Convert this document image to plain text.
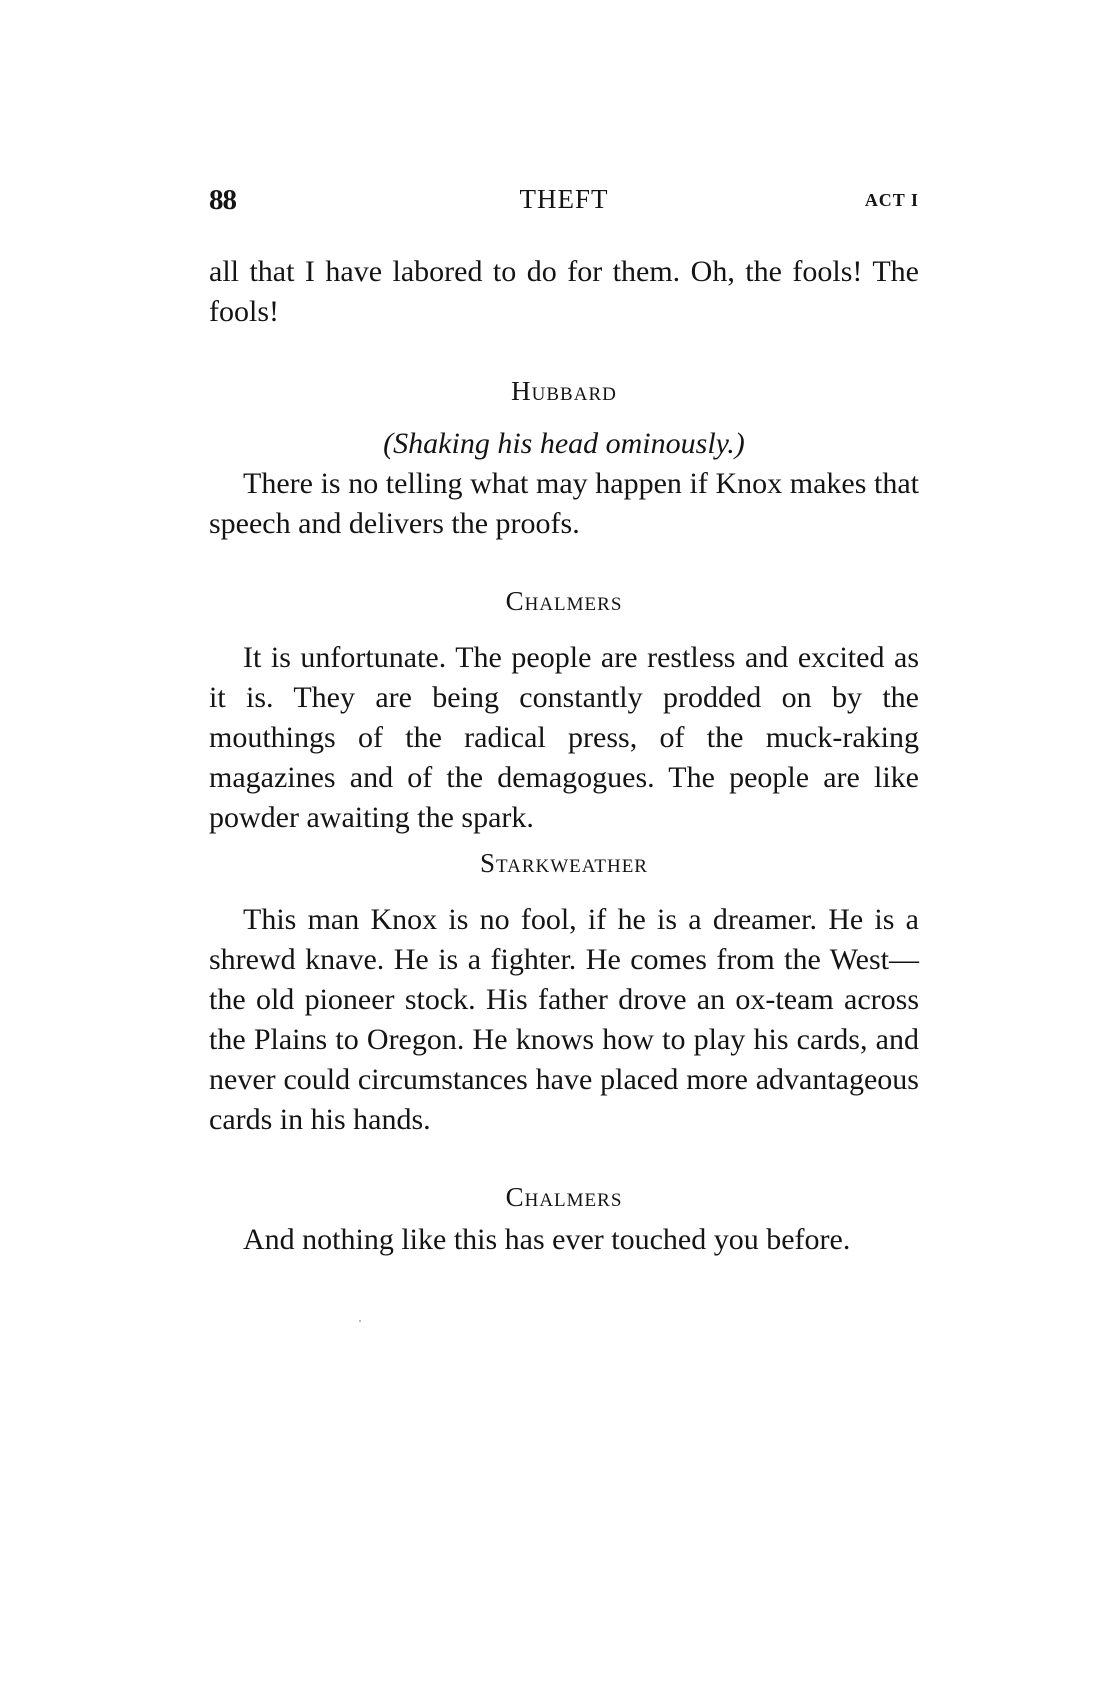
88	THEFT	ACT I

all that I have labored to do for them. Oh, the fools! The fools!

Hubbard

(Shaking his head ominously.)

There is no telling what may happen if Knox makes that speech and delivers the proofs.

Chalmers

It is unfortunate. The people are restless and excited as it is. They are being constantly prodded on by the mouthings of the radical press, of the muck-raking magazines and of the demagogues. The people are like powder awaiting the spark.

Starkweather

This man Knox is no fool, if he is a dreamer. He is a shrewd knave. He is a fighter. He comes from the West—the old pioneer stock. His father drove an ox-team across the Plains to Oregon. He knows how to play his cards, and never could circumstances have placed more advantageous cards in his hands.

Chalmers

And nothing like this has ever touched you before.
